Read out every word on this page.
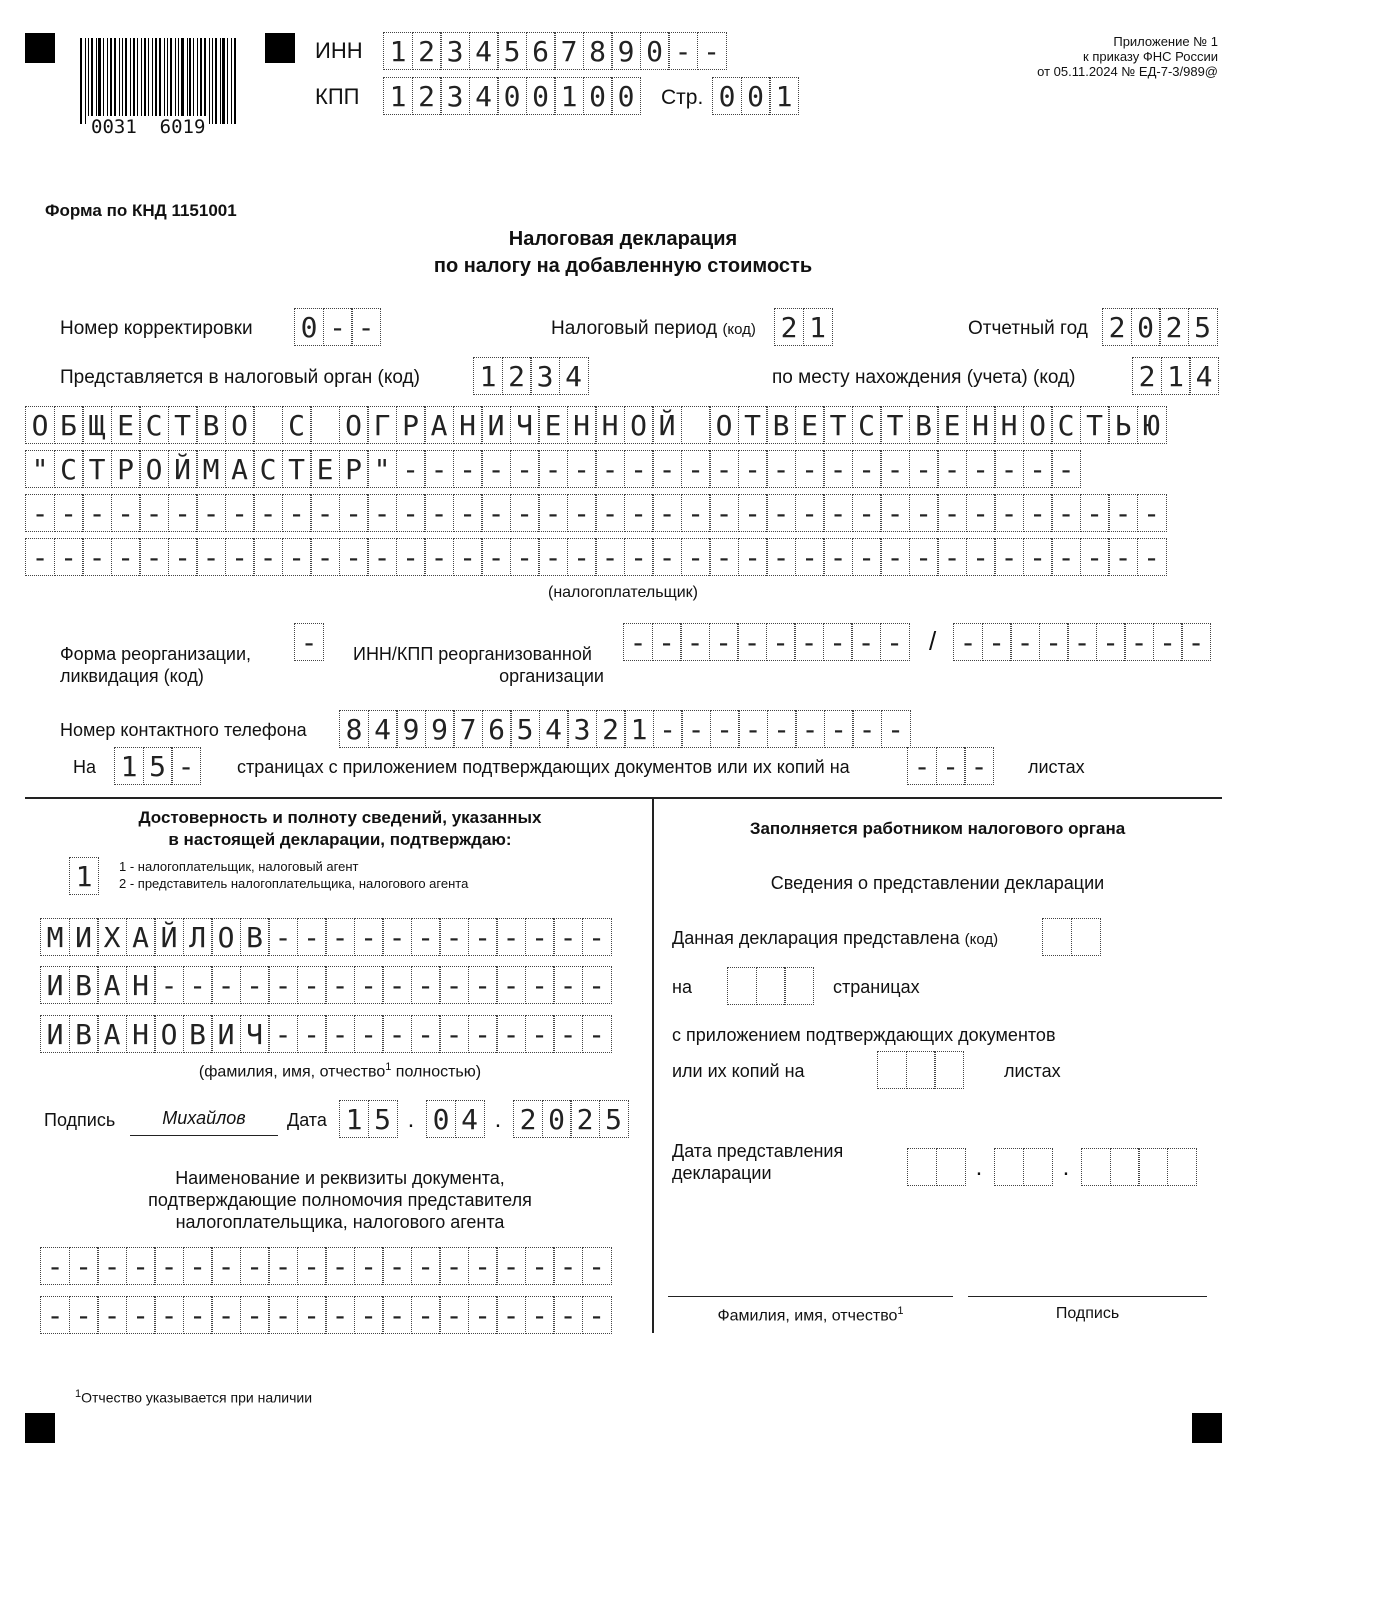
0031  6019
ИНН 1 2 3 4 5 6 7 8 9 0 - -
КПП 1 2 3 4 0 0 1 0 0	Стр. 0 0 1
Приложение № 1
к приказу ФНС России
от 05.11.2024 № ЕД-7-3/989@
Форма по КНД 1151001
Налоговая декларация
по налогу на добавленную стоимость
Номер корректировки 0 - -	Налоговый период (код) 2 1	Отчетный год 2 0 2 5
Представляется в налоговый орган (код) 1 2 3 4	по месту нахождения (учета) (код) 2 1 4
О Б Щ Е С Т В О С О Г Р А Н И Ч Е Н Н О Й О Т В Е Т С Т В Е Н Н О С Т Ь Ю
" С Т Р О Й М А С Т Е Р " - - - - - - - - - - - - - - - - - - - - - - - -
- - - - - - - - - - - - - - - - - - - - - - - - - - - - - - - - - - - - - - - -
- - - - - - - - - - - - - - - - - - - - - - - - - - - - - - - - - - - - - - - -
(налогоплательщик)
Форма реорганизации,
ликвидация (код)
-	ИНН/КПП реорганизованной
организации
- - - - - - - - - - / - - - - - - - - -
Номер контактного телефона 8 4 9 9 7 6 5 4 3 2 1 - - - - - - - - -
На 1 5 -	страницах с приложением подтверждающих документов или их копий на - - -	листах
Достоверность и полноту сведений, указанных
в настоящей декларации, подтверждаю:
1	1 - налогоплательщик, налоговый агент
2 - представитель налогоплательщика, налогового агента
М И Х А Й Л О В - - - - - - - - - - - -
И В А Н - - - - - - - - - - - - - - - -
И В А Н О В И Ч - - - - - - - - - - - -
(фамилия, имя, отчество$^1$ полностью)
Подпись	Михайлов	Дата 1 5 . 0 4 . 2 0 2 5
Наименование и реквизиты документа,
подтверждающие полномочия представителя
налогоплательщика, налогового агента
- - - - - - - - - - - - - - - - - - - -
- - - - - - - - - - - - - - - - - - - -
$^1$Отчество указывается при наличии
Заполняется работником налогового органа
Сведения о представлении декларации
Данная декларация представлена (код)
на	страницах
с приложением подтверждающих документов
или их копий на	листах
Дата представления
декларации	.	.
Фамилия, имя, отчество$^1$	Подпись
